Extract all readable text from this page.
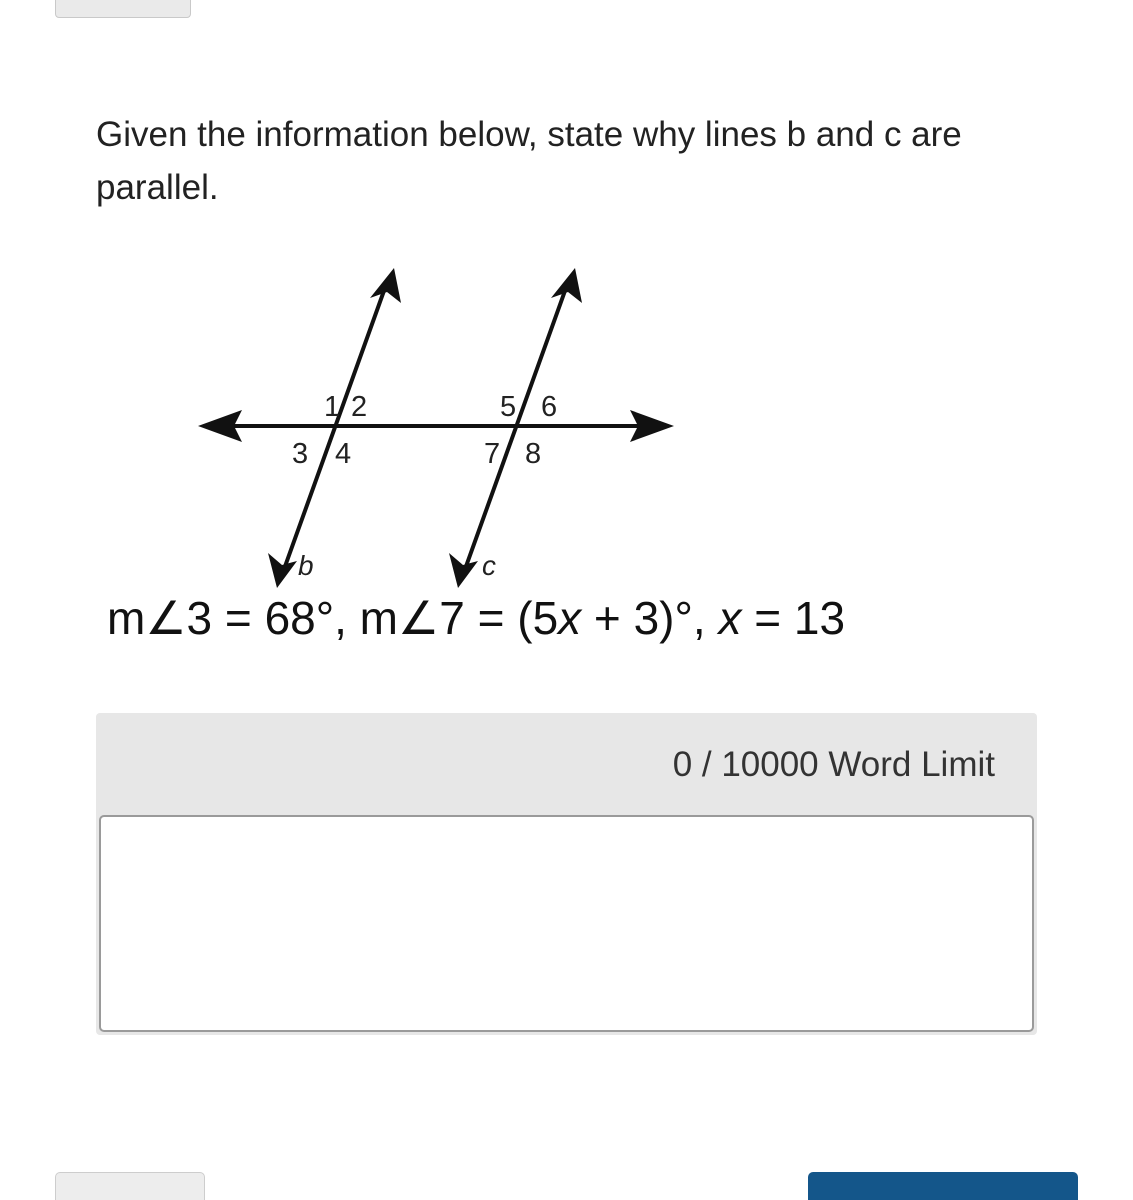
Given the information below, state why lines b and c are parallel.
1 2
3 4
5 6
7 8
b	c
m∠3 = 68°, m∠7 = (5x + 3)°, x = 13
0 / 10000 Word Limit
